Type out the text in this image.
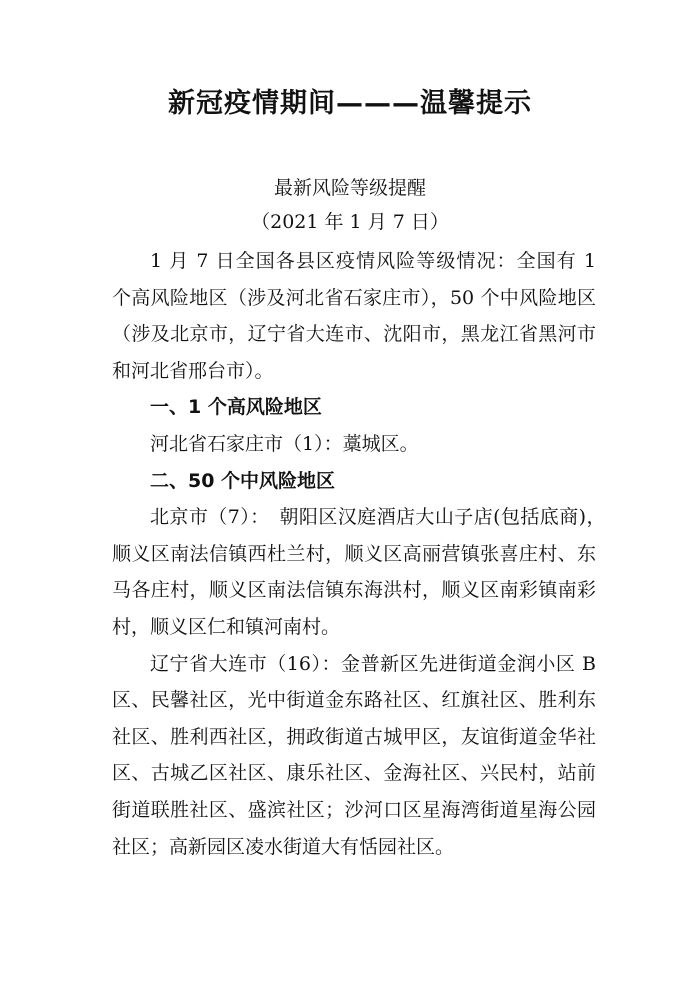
新冠疫情期间———温馨提示
最新风险等级提醒
（2021 年 1 月 7 日）

1 月 7 日全国各县区疫情风险等级情况：全国有 1 个高风险地区（涉及河北省石家庄市），50 个中风险地区（涉及北京市，辽宁省大连市、沈阳市，黑龙江省黑河市和河北省邢台市）。

一、1 个高风险地区

河北省石家庄市（1）：藁城区。

二、50 个中风险地区

北京市（7）：　朝阳区汉庭酒店大山子店(包括底商)，　顺义区南法信镇西杜兰村，顺义区高丽营镇张喜庄村、东马各庄村，顺义区南法信镇东海洪村，顺义区南彩镇南彩村，顺义区仁和镇河南村。

辽宁省大连市（16）：金普新区先进街道金润小区 B 区、民馨社区，光中街道金东路社区、红旗社区、胜利东社区、胜利西社区，拥政街道古城甲区，友谊街道金华社区、古城乙区社区、康乐社区、金海社区、兴民村，站前街道联胜社区、盛滨社区；沙河口区星海湾街道星海公园社区；高新园区凌水街道大有恬园社区。
